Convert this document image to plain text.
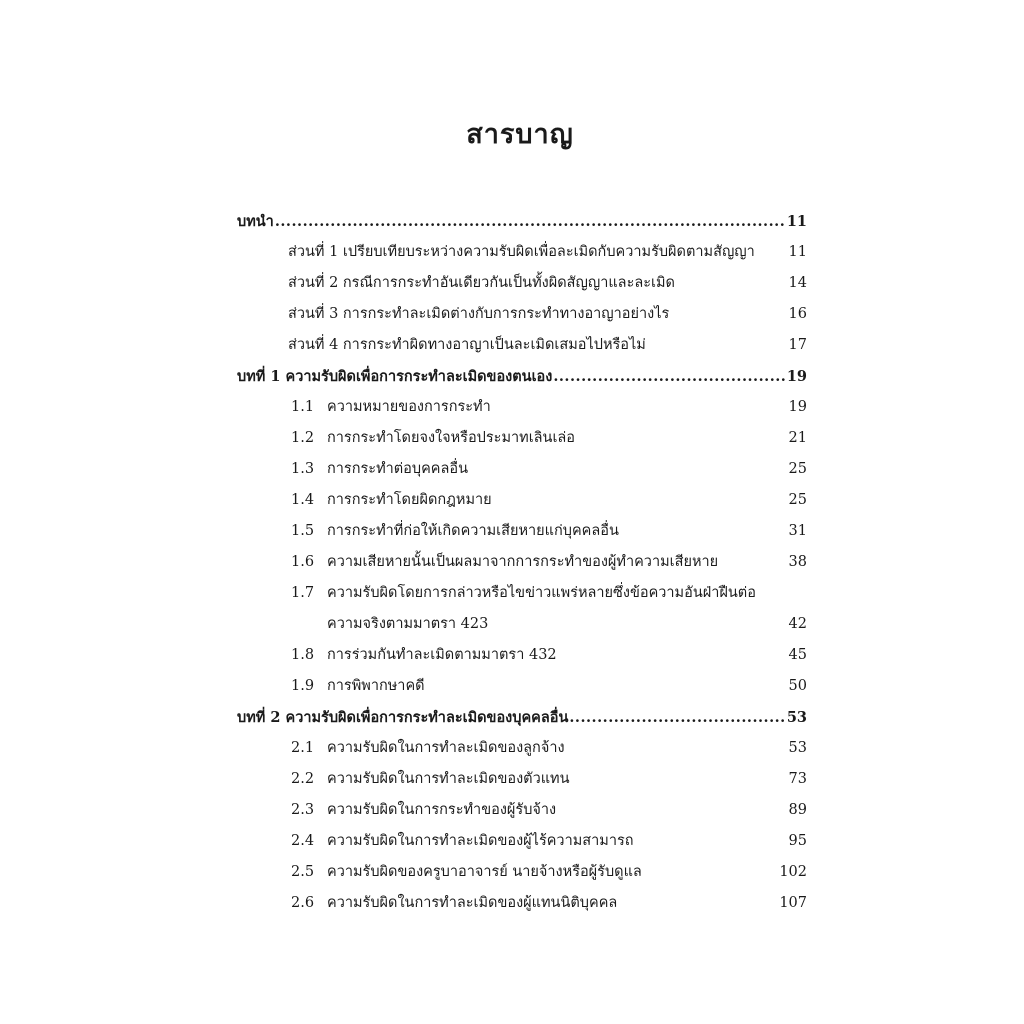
สารบาญ
บทนำ .....	11
ส่วนที่ 1 เปรียบเทียบระหว่างความรับผิดเพื่อละเมิดกับความรับผิดตามสัญญา	11
ส่วนที่ 2 กรณีการกระทำอันเดียวกันเป็นทั้งผิดสัญญาและละเมิด	14
ส่วนที่ 3 การกระทำละเมิดต่างกับการกระทำทางอาญาอย่างไร	16
ส่วนที่ 4 การกระทำผิดทางอาญาเป็นละเมิดเสมอไปหรือไม่	17
บทที่ 1 ความรับผิดเพื่อการกระทำละเมิดของตนเอง .....	19
1.1 ความหมายของการกระทำ	19
1.2 การกระทำโดยจงใจหรือประมาทเลินเล่อ	21
1.3 การกระทำต่อบุคคลอื่น	25
1.4 การกระทำโดยผิดกฎหมาย	25
1.5 การกระทำที่ก่อให้เกิดความเสียหายแก่บุคคลอื่น	31
1.6 ความเสียหายนั้นเป็นผลมาจากการกระทำของผู้ทำความเสียหาย	38
1.7 ความรับผิดโดยการกล่าวหรือไขข่าวแพร่หลายซึ่งข้อความอันฝ่าฝืนต่อ
ความจริงตามมาตรา 423	42
1.8 การร่วมกันทำละเมิดตามมาตรา 432	45
1.9 การพิพากษาคดี	50
บทที่ 2 ความรับผิดเพื่อการกระทำละเมิดของบุคคลอื่น .....	53
2.1 ความรับผิดในการทำละเมิดของลูกจ้าง	53
2.2 ความรับผิดในการทำละเมิดของตัวแทน	73
2.3 ความรับผิดในการกระทำของผู้รับจ้าง	89
2.4 ความรับผิดในการทำละเมิดของผู้ไร้ความสามารถ	95
2.5 ความรับผิดของครูบาอาจารย์ นายจ้างหรือผู้รับดูแล	102
2.6 ความรับผิดในการทำละเมิดของผู้แทนนิติบุคคล	107
